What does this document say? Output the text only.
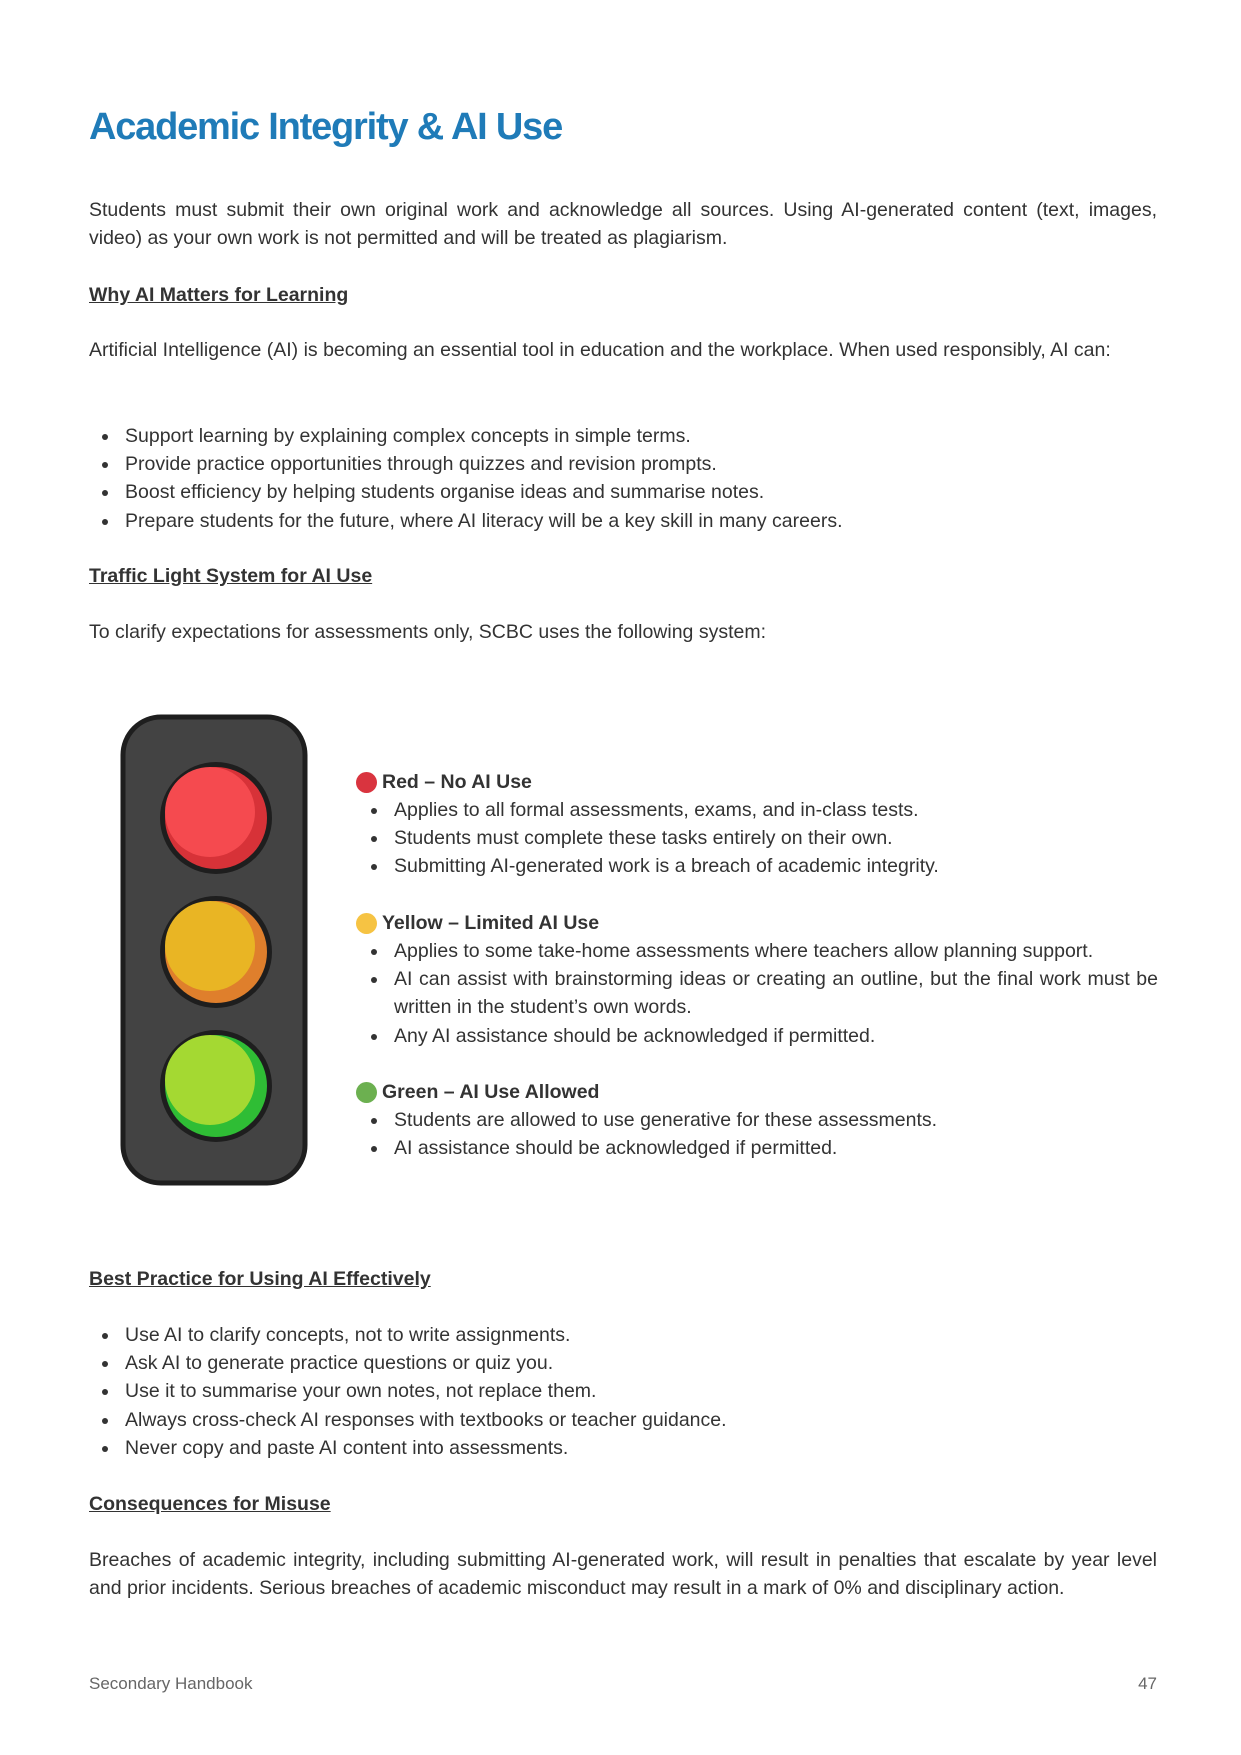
Academic Integrity & AI Use

Students must submit their own original work and acknowledge all sources. Using AI-generated content (text, images, video) as your own work is not permitted and will be treated as plagiarism.

Why AI Matters for Learning

Artificial Intelligence (AI) is becoming an essential tool in education and the workplace. When used responsibly, AI can:

Support learning by explaining complex concepts in simple terms.
Provide practice opportunities through quizzes and revision prompts.
Boost efficiency by helping students organise ideas and summarise notes.
Prepare students for the future, where AI literacy will be a key skill in many careers.

Traffic Light System for AI Use

To clarify expectations for assessments only, SCBC uses the following system:

Red – No AI Use
Applies to all formal assessments, exams, and in-class tests.
Students must complete these tasks entirely on their own.
Submitting AI-generated work is a breach of academic integrity.
Yellow – Limited AI Use
Applies to some take-home assessments where teachers allow planning support.
AI can assist with brainstorming ideas or creating an outline, but the final work must be written in the student’s own words.
Any AI assistance should be acknowledged if permitted.
Green – AI Use Allowed
Students are allowed to use generative for these assessments.
AI assistance should be acknowledged if permitted.

Best Practice for Using AI Effectively

Use AI to clarify concepts, not to write assignments.
Ask AI to generate practice questions or quiz you.
Use it to summarise your own notes, not replace them.
Always cross-check AI responses with textbooks or teacher guidance.
Never copy and paste AI content into assessments.

Consequences for Misuse

Breaches of academic integrity, including submitting AI-generated work, will result in penalties that escalate by year level and prior incidents. Serious breaches of academic misconduct may result in a mark of 0% and disciplinary action.

Secondary Handbook	47
